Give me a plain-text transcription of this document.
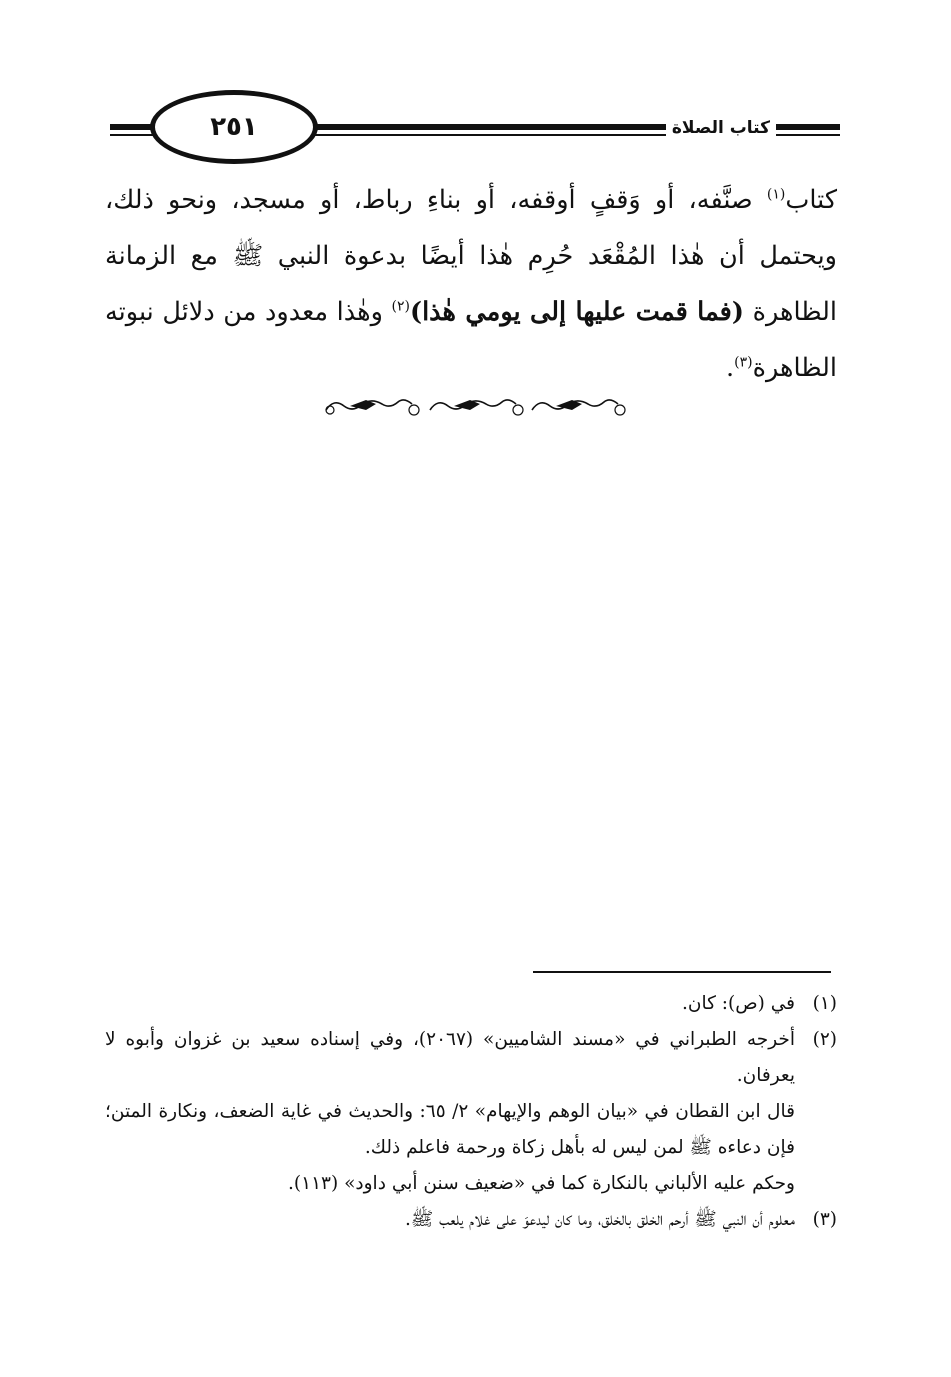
٢٥١	كتاب الصلاة
كتاب$^{(١)}$ صنَّفه، أو وَقفٍ أوقفه، أو بناءِ رباط، أو مسجد، ونحو ذلك، ويحتمل أن هٰذا المُقْعَد حُرِم هٰذا أيضًا بدعوة النبي ﷺ مع الزمانة الظاهرة (فما قمت عليها إلى يومي هٰذا)$^{(٢)}$ وهٰذا معدود من دلائل نبوته الظاهرة$^{(٣)}$.
(١)

في (ص): كان.

(٢)

أخرجه الطبراني في «مسند الشاميين» (٢٠٦٧)، وفي إسناده سعيد بن غزوان وأبوه لا يعرفان.

قال ابن القطان في «بيان الوهم والإيهام» ٢/ ٦٥: والحديث في غاية الضعف، ونكارة المتن؛ فإن دعاءه ﷺ لمن ليس له بأهل زكاة ورحمة فاعلم ذلك.

وحكم عليه الألباني بالنكارة كما في «ضعيف سنن أبي داود» (١١٣).

(٣)

معلوم أن النبي ﷺ أرحم الخلق بالخلق، وما كان ليدعوَ على غلام يلعب ﷺ.
